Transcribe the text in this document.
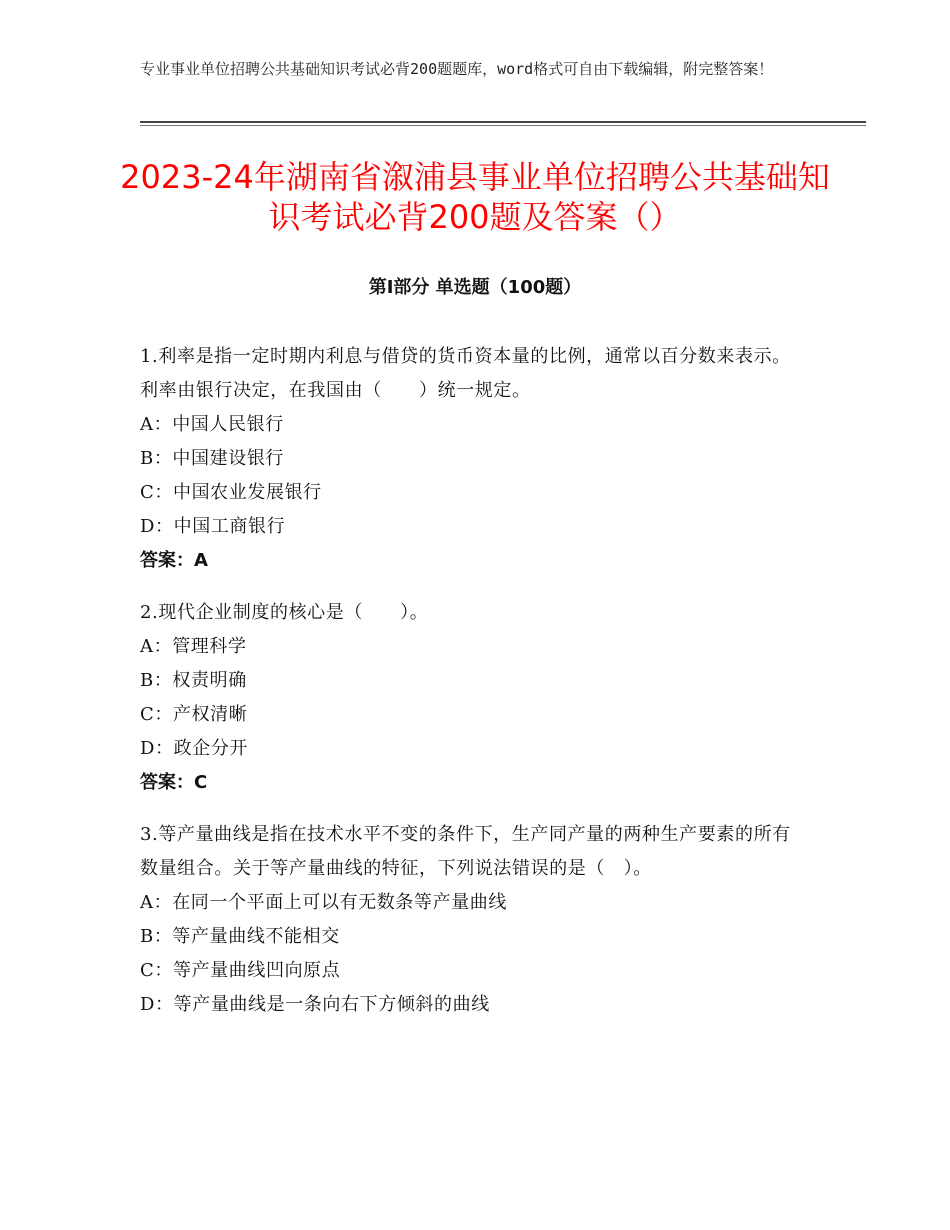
专业事业单位招聘公共基础知识考试必背200题题库，word格式可自由下载编辑，附完整答案！
2023-24年湖南省溆浦县事业单位招聘公共基础知识考试必背200题及答案（）
第Ⅰ部分 单选题（100题）

1.利率是指一定时期内利息与借贷的货币资本量的比例，通常以百分数来表示。利率由银行决定，在我国由（　　）统一规定。

A：中国人民银行

B：中国建设银行

C：中国农业发展银行

D：中国工商银行

答案：A

2.现代企业制度的核心是（　　）。

A：管理科学

B：权责明确

C：产权清晰

D：政企分开

答案：C

3.等产量曲线是指在技术水平不变的条件下，生产同产量的两种生产要素的所有数量组合。关于等产量曲线的特征，下列说法错误的是（　）。

A：在同一个平面上可以有无数条等产量曲线

B：等产量曲线不能相交

C：等产量曲线凹向原点

D：等产量曲线是一条向右下方倾斜的曲线
